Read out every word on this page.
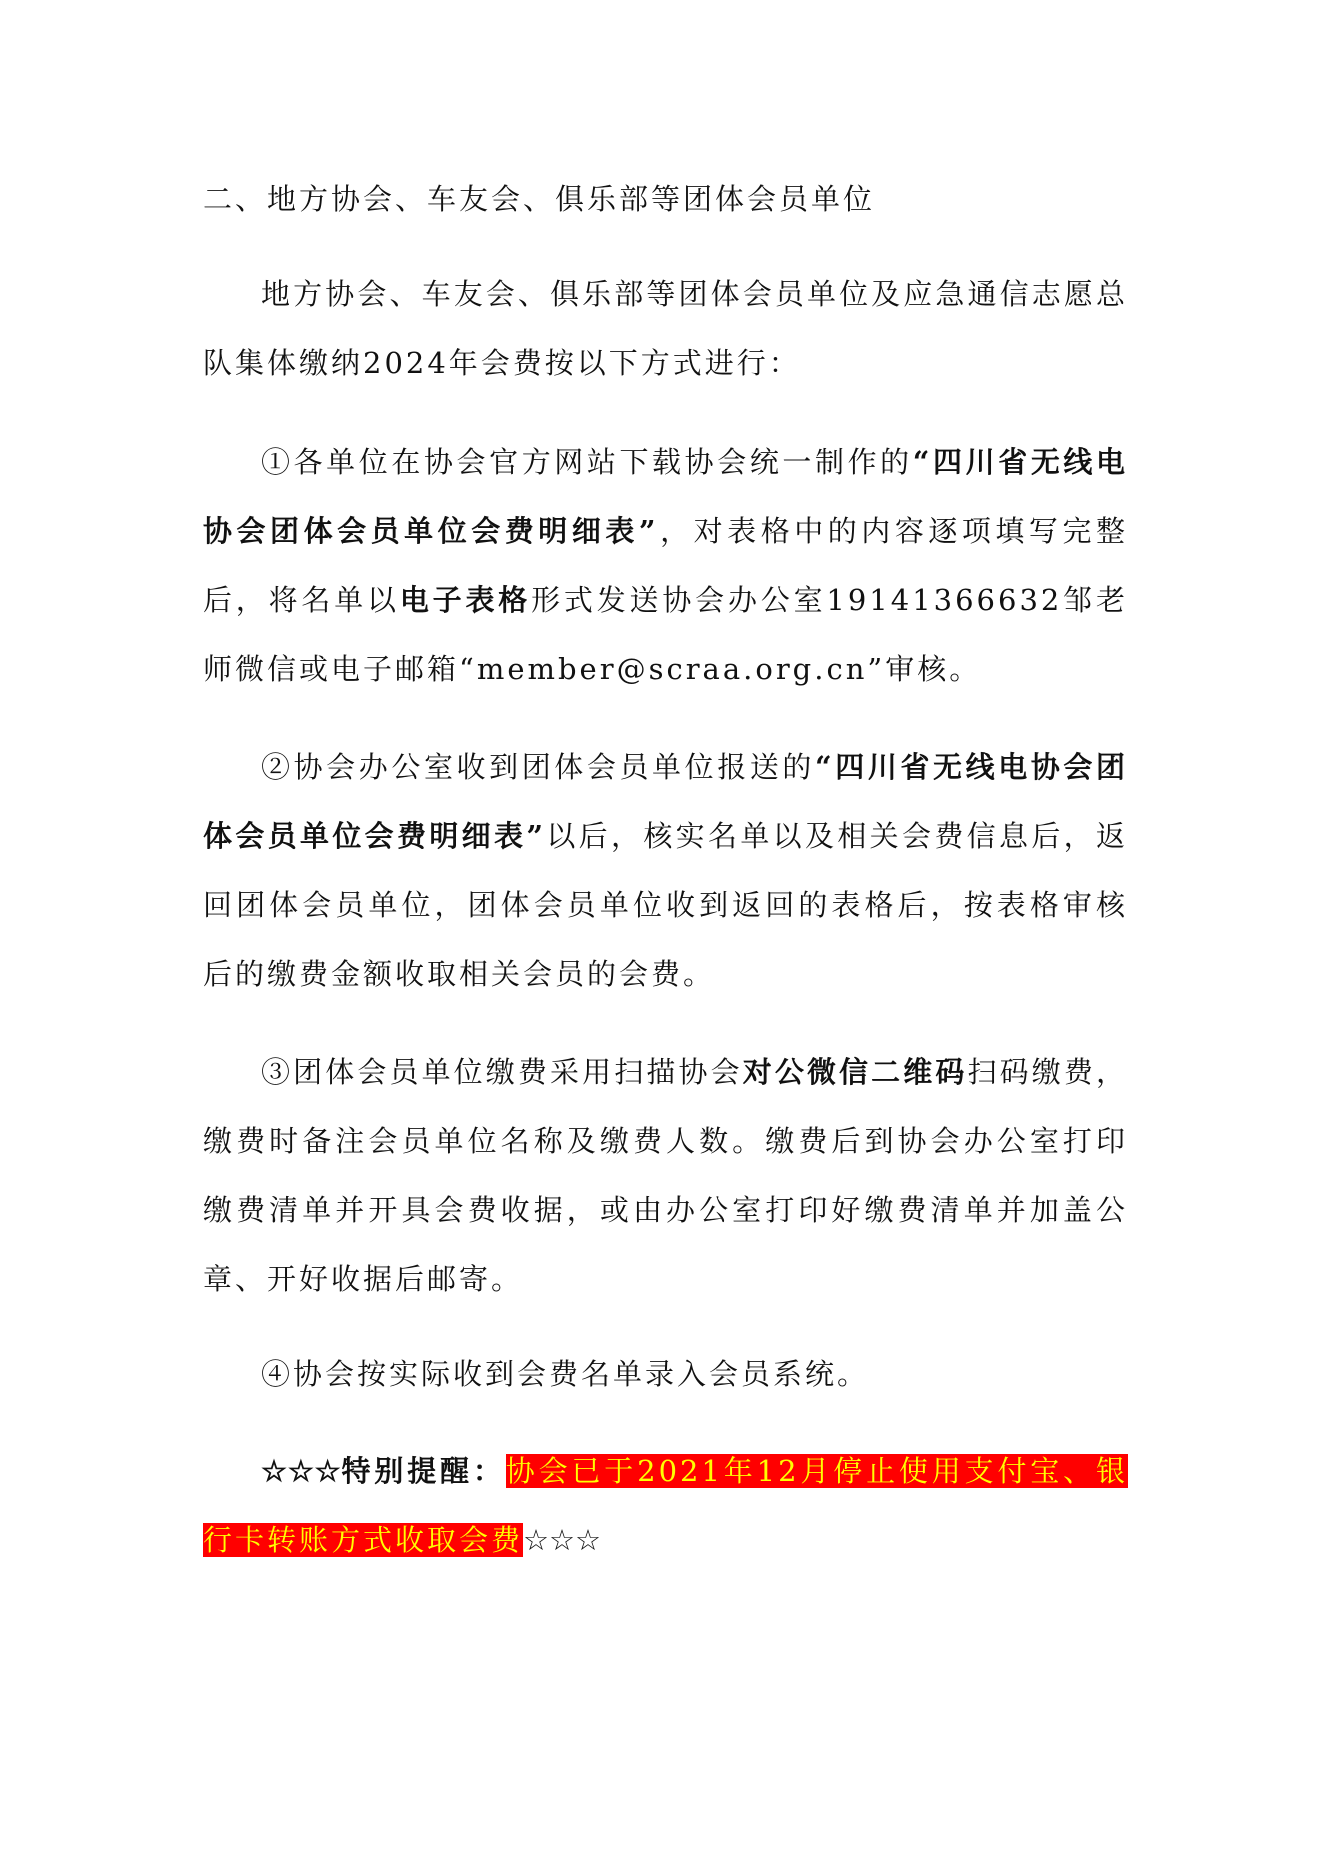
二、地方协会、车友会、俱乐部等团体会员单位

地方协会、车友会、俱乐部等团体会员单位及应急通信志愿总队集体缴纳2024年会费按以下方式进行：

①各单位在协会官方网站下载协会统一制作的“四川省无线电协会团体会员单位会费明细表”，对表格中的内容逐项填写完整后，将名单以电子表格形式发送协会办公室19141366632邹老师微信或电子邮箱“member@scraa.org.cn”审核。

②协会办公室收到团体会员单位报送的“四川省无线电协会团体会员单位会费明细表”以后，核实名单以及相关会费信息后，返回团体会员单位，团体会员单位收到返回的表格后，按表格审核后的缴费金额收取相关会员的会费。

③团体会员单位缴费采用扫描协会对公微信二维码扫码缴费，缴费时备注会员单位名称及缴费人数。缴费后到协会办公室打印缴费清单并开具会费收据，或由办公室打印好缴费清单并加盖公章、开好收据后邮寄。

④协会按实际收到会费名单录入会员系统。

☆☆☆特别提醒：协会已于2021年12月停止使用支付宝、银行卡转账方式收取会费☆☆☆
